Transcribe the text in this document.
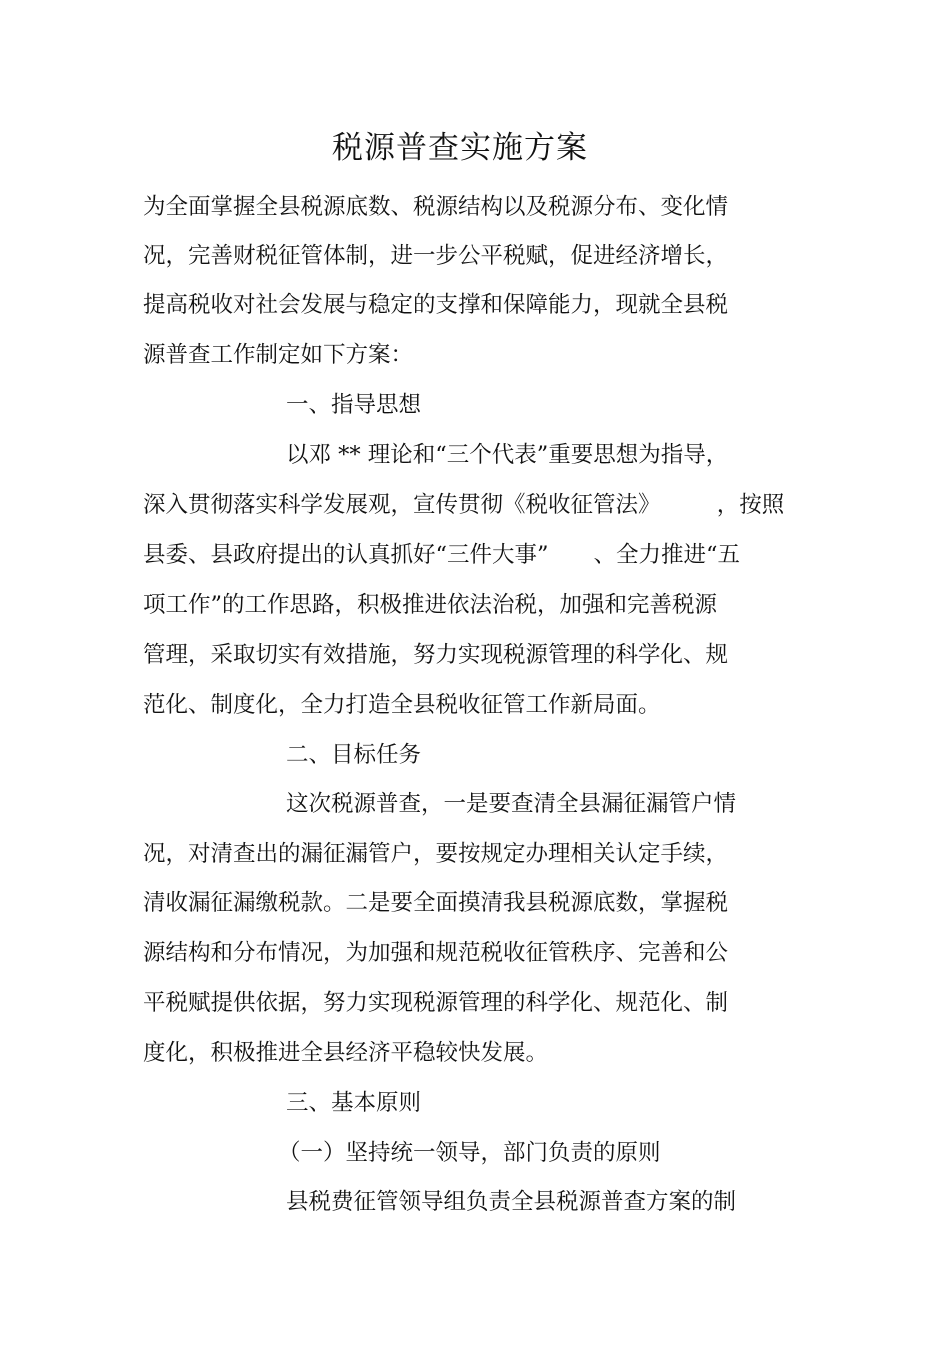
税源普查实施方案
为全面掌握全县税源底数、税源结构以及税源分布、变化情
况，完善财税征管体制，进一步公平税赋，促进经济增长，
提高税收对社会发展与稳定的支撑和保障能力，现就全县税
源普查工作制定如下方案：
一、指导思想
以邓 ** 理论和“三个代表”重要思想为指导，
深入贯彻落实科学发展观，宣传贯彻《税收征管法》　　　，按照
县委、县政府提出的认真抓好“三件大事”　　、全力推进“五
项工作”的工作思路，积极推进依法治税，加强和完善税源
管理，采取切实有效措施，努力实现税源管理的科学化、规
范化、制度化，全力打造全县税收征管工作新局面。
二、目标任务
这次税源普查，一是要查清全县漏征漏管户情
况，对清查出的漏征漏管户，要按规定办理相关认定手续，
清收漏征漏缴税款。二是要全面摸清我县税源底数，掌握税
源结构和分布情况，为加强和规范税收征管秩序、完善和公
平税赋提供依据，努力实现税源管理的科学化、规范化、制
度化，积极推进全县经济平稳较快发展。
三、基本原则
（一）坚持统一领导，部门负责的原则
县税费征管领导组负责全县税源普查方案的制
